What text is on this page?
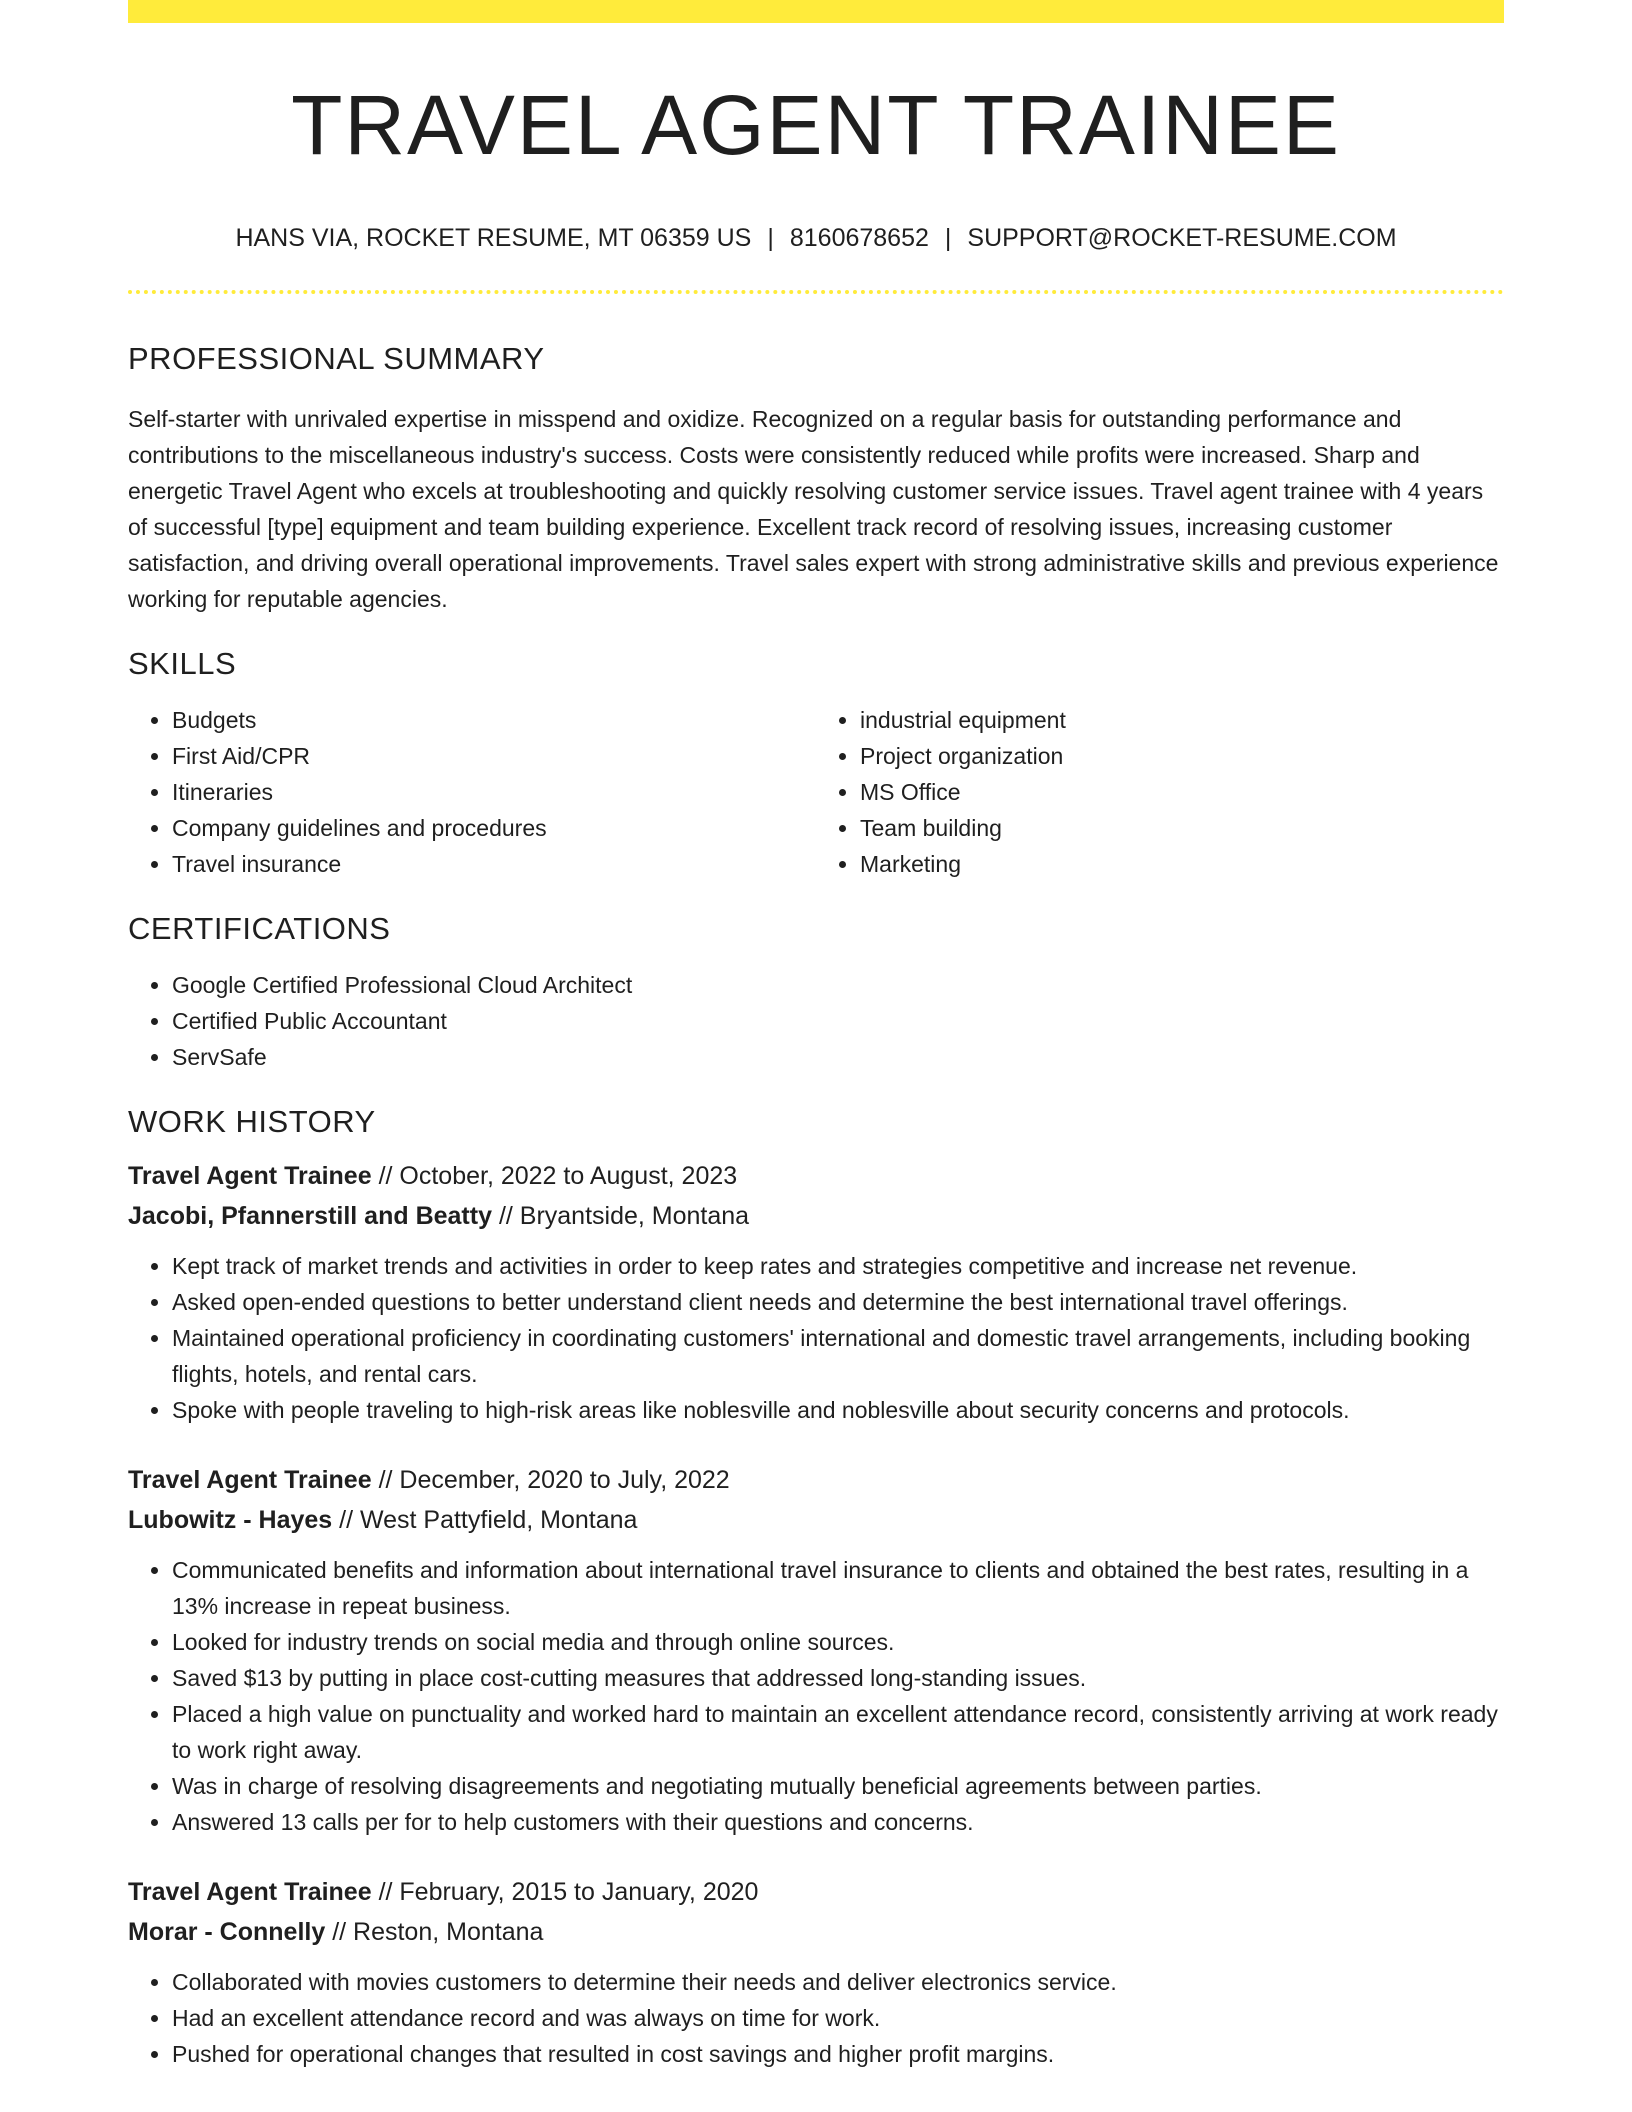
TRAVEL AGENT TRAINEE
HANS VIA, ROCKET RESUME, MT 06359 US | 8160678652 | SUPPORT@ROCKET-RESUME.COM
PROFESSIONAL SUMMARY

Self-starter with unrivaled expertise in misspend and oxidize. Recognized on a regular basis for outstanding performance and contributions to the miscellaneous industry's success. Costs were consistently reduced while profits were increased. Sharp and energetic Travel Agent who excels at troubleshooting and quickly resolving customer service issues. Travel agent trainee with 4 years of successful [type] equipment and team building experience. Excellent track record of resolving issues, increasing customer satisfaction, and driving overall operational improvements. Travel sales expert with strong administrative skills and previous experience working for reputable agencies.

SKILLS
• Budgets
• First Aid/CPR
• Itineraries
• Company guidelines and procedures
• Travel insurance
• industrial equipment
• Project organization
• MS Office
• Team building
• Marketing
CERTIFICATIONS
• Google Certified Professional Cloud Architect
• Certified Public Accountant
• ServSafe
WORK HISTORY
Travel Agent Trainee // October, 2022 to August, 2023
Jacobi, Pfannerstill and Beatty // Bryantside, Montana
• Kept track of market trends and activities in order to keep rates and strategies competitive and increase net revenue.
• Asked open-ended questions to better understand client needs and determine the best international travel offerings.
• Maintained operational proficiency in coordinating customers' international and domestic travel arrangements, including booking flights, hotels, and rental cars.
• Spoke with people traveling to high-risk areas like noblesville and noblesville about security concerns and protocols.
Travel Agent Trainee // December, 2020 to July, 2022
Lubowitz - Hayes // West Pattyfield, Montana
• Communicated benefits and information about international travel insurance to clients and obtained the best rates, resulting in a 13% increase in repeat business.
• Looked for industry trends on social media and through online sources.
• Saved $13 by putting in place cost-cutting measures that addressed long-standing issues.
• Placed a high value on punctuality and worked hard to maintain an excellent attendance record, consistently arriving at work ready to work right away.
• Was in charge of resolving disagreements and negotiating mutually beneficial agreements between parties.
• Answered 13 calls per for to help customers with their questions and concerns.
Travel Agent Trainee // February, 2015 to January, 2020
Morar - Connelly // Reston, Montana
• Collaborated with movies customers to determine their needs and deliver electronics service.
• Had an excellent attendance record and was always on time for work.
• Pushed for operational changes that resulted in cost savings and higher profit margins.
